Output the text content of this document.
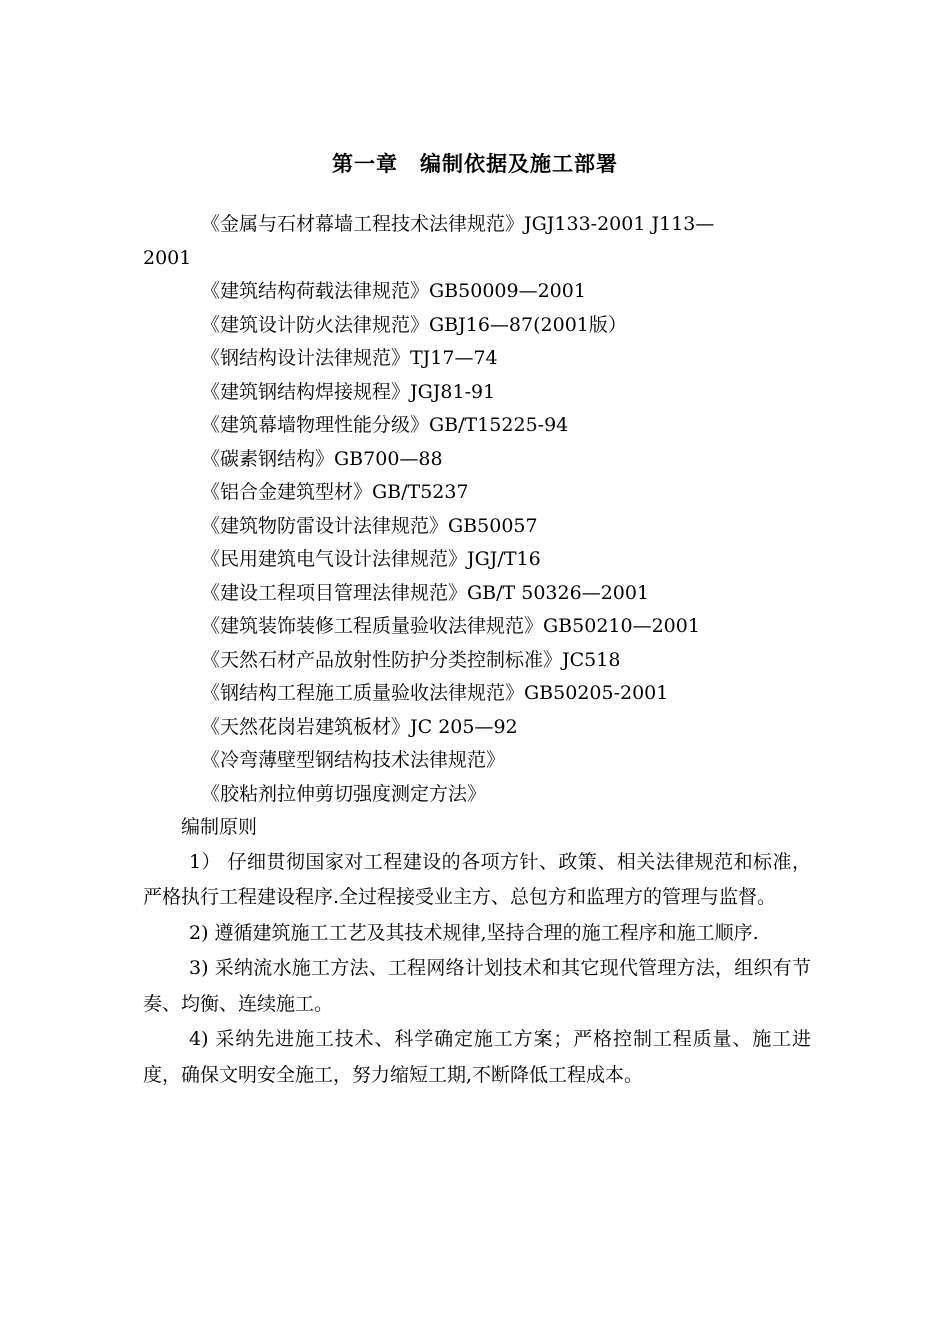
第一章 编制依据及施工部署

《金属与石材幕墙工程技术法律规范》JGJ133-2001 J113—
2001

《建筑结构荷载法律规范》GB50009—2001

《建筑设计防火法律规范》GBJ16—87(2001版）

《钢结构设计法律规范》TJ17—74

《建筑钢结构焊接规程》JGJ81-91

《建筑幕墙物理性能分级》GB/T15225-94

《碳素钢结构》GB700—88

《铝合金建筑型材》GB/T5237

《建筑物防雷设计法律规范》GB50057

《民用建筑电气设计法律规范》JGJ/T16

《建设工程项目管理法律规范》GB/T 50326—2001

《建筑装饰装修工程质量验收法律规范》GB50210—2001

《天然石材产品放射性防护分类控制标准》JC518

《钢结构工程施工质量验收法律规范》GB50205-2001

《天然花岗岩建筑板材》JC 205—92

《冷弯薄壁型钢结构技术法律规范》

《胶粘剂拉伸剪切强度测定方法》

编制原则

1） 仔细贯彻国家对工程建设的各项方针、政策、相关法律规范和标准，严格执行工程建设程序.全过程接受业主方、总包方和监理方的管理与监督。

2) 遵循建筑施工工艺及其技术规律,坚持合理的施工程序和施工顺序.

3) 采纳流水施工方法、工程网络计划技术和其它现代管理方法，组织有节奏、均衡、连续施工。

4) 采纳先进施工技术、科学确定施工方案；严格控制工程质量、施工进度，确保文明安全施工，努力缩短工期,不断降低工程成本。
